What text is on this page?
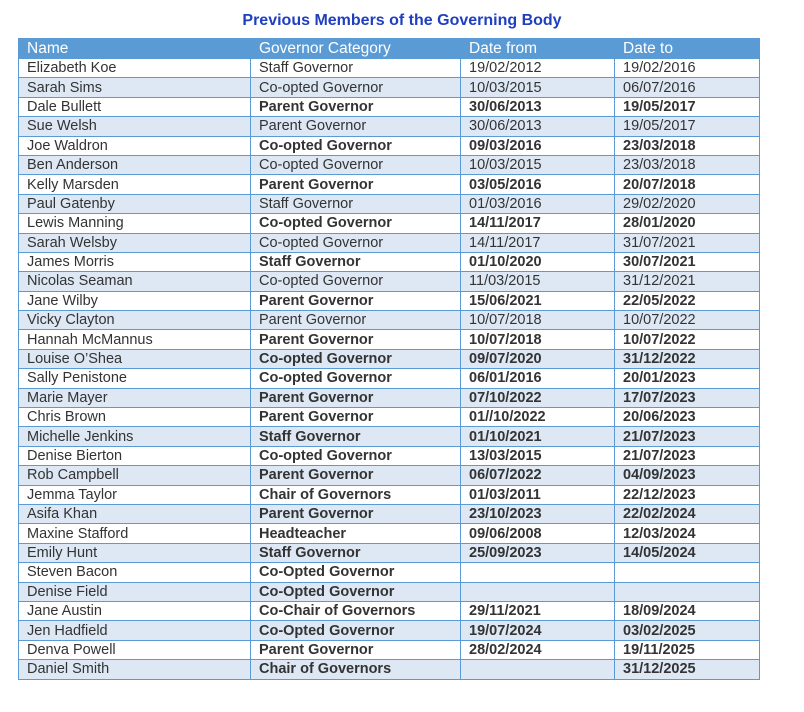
Previous Members of the Governing Body
Name	Governor Category	Date from	Date to
Elizabeth Koe	Staff Governor	19/02/2012	19/02/2016
Sarah Sims	Co-opted Governor	10/03/2015	06/07/2016
Dale Bullett	Parent Governor	30/06/2013	19/05/2017
Sue Welsh	Parent Governor	30/06/2013	19/05/2017
Joe Waldron	Co-opted Governor	09/03/2016	23/03/2018
Ben Anderson	Co-opted Governor	10/03/2015	23/03/2018
Kelly Marsden	Parent Governor	03/05/2016	20/07/2018
Paul Gatenby	Staff Governor	01/03/2016	29/02/2020
Lewis Manning	Co-opted Governor	14/11/2017	28/01/2020
Sarah Welsby	Co-opted Governor	14/11/2017	31/07/2021
James Morris	Staff Governor	01/10/2020	30/07/2021
Nicolas Seaman	Co-opted Governor	11/03/2015	31/12/2021
Jane Wilby	Parent Governor	15/06/2021	22/05/2022
Vicky Clayton	Parent Governor	10/07/2018	10/07/2022
Hannah McMannus	Parent Governor	10/07/2018	10/07/2022
Louise O’Shea	Co-opted Governor	09/07/2020	31/12/2022
Sally Penistone	Co-opted Governor	06/01/2016	20/01/2023
Marie Mayer	Parent Governor	07/10/2022	17/07/2023
Chris Brown	Parent Governor	01//10/2022	20/06/2023
Michelle Jenkins	Staff Governor	01/10/2021	21/07/2023
Denise Bierton	Co-opted Governor	13/03/2015	21/07/2023
Rob Campbell	Parent Governor	06/07/2022	04/09/2023
Jemma Taylor	Chair of Governors	01/03/2011	22/12/2023
Asifa Khan	Parent Governor	23/10/2023	22/02/2024
Maxine Stafford	Headteacher	09/06/2008	12/03/2024
Emily Hunt	Staff Governor	25/09/2023	14/05/2024
Steven Bacon	Co-Opted Governor		
Denise Field	Co-Opted Governor		
Jane Austin	Co-Chair of Governors	29/11/2021	18/09/2024
Jen Hadfield	Co-Opted Governor	19/07/2024	03/02/2025
Denva Powell	Parent Governor	28/02/2024	19/11/2025
Daniel Smith	Chair of Governors		31/12/2025
